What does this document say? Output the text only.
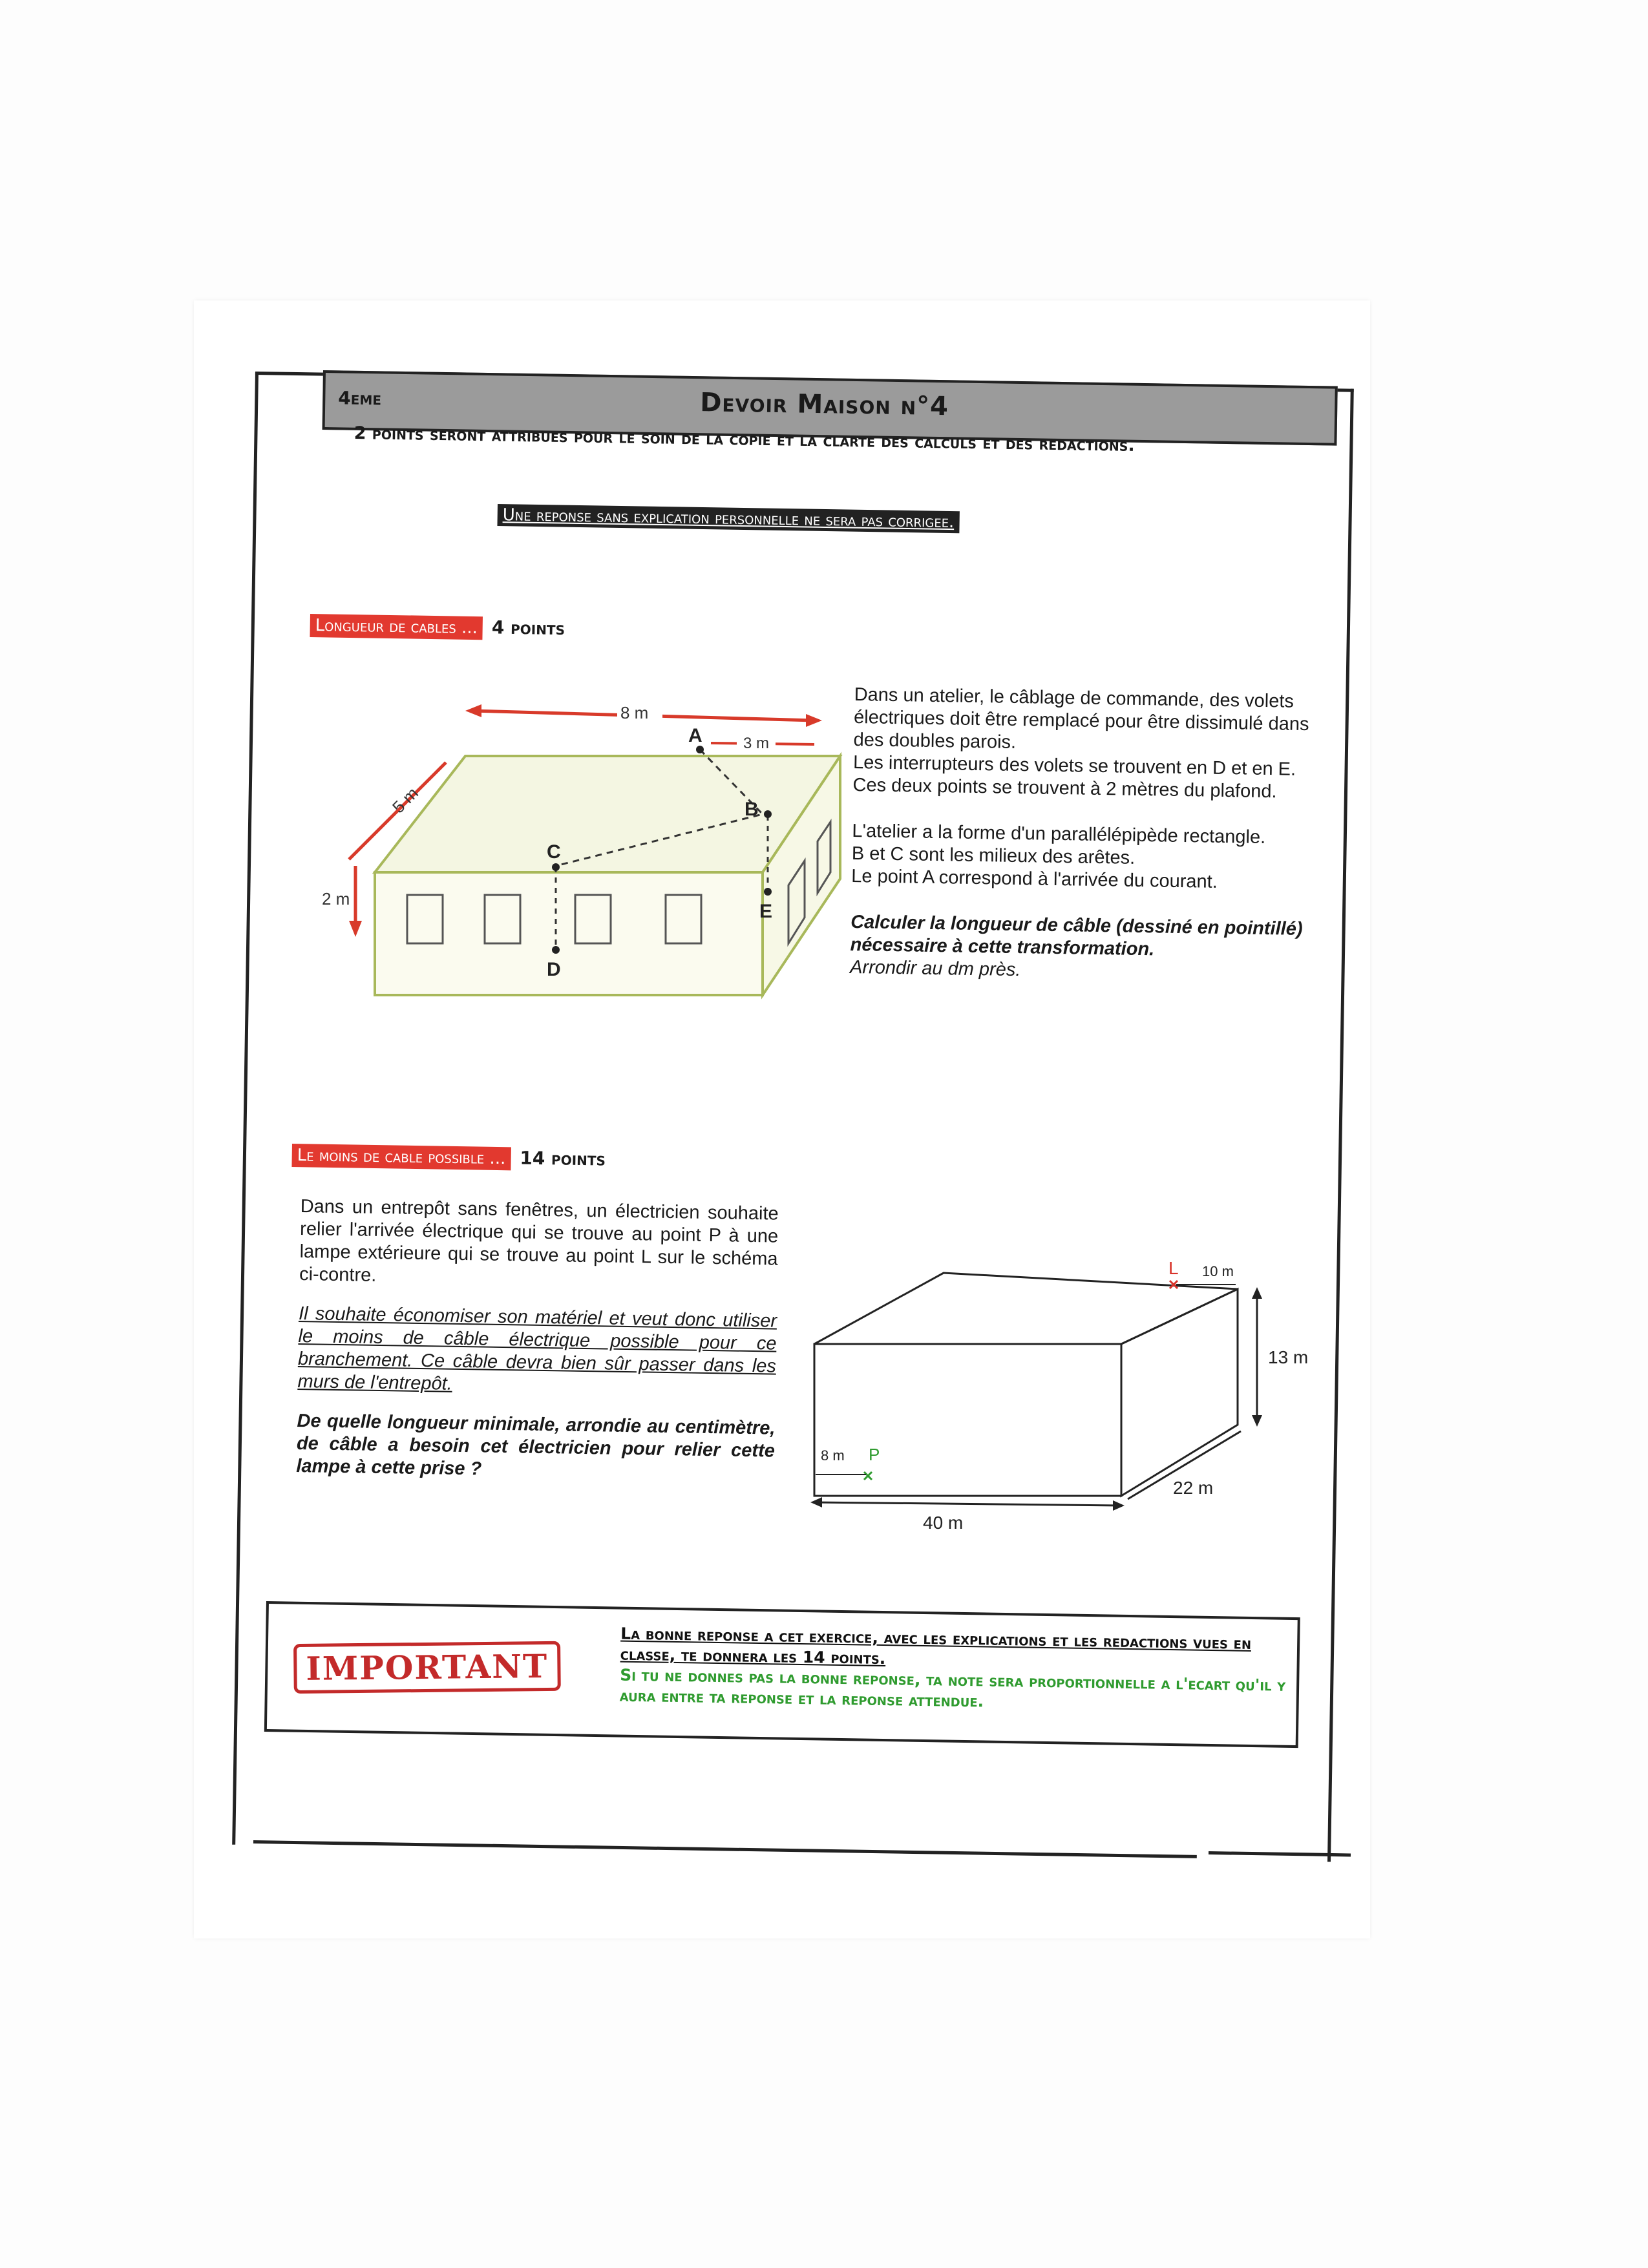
4eme	Devoir Maison n°4
2 points seront attribues pour le soin de la copie et la clarte des calculs et des redactions.
Une reponse sans explication personnelle ne sera pas corrigee.
Longueur de cables ... 4 points
8 m
3 m
5 m
2 m
A
B
C
D
E
Dans un atelier, le câblage de commande, des volets électriques doit être remplacé pour être dissimulé dans des doubles parois.
Les interrupteurs des volets se trouvent en D et en E. Ces deux points se trouvent à 2 mètres du plafond.
L'atelier a la forme d'un parallélépipède rectangle.
B et C sont les milieux des arêtes.
Le point A correspond à l'arrivée du courant.
Calculer la longueur de câble (dessiné en pointillé) nécessaire à cette transformation.
Arrondir au dm près.
Le moins de cable possible ... 14 points
Dans un entrepôt sans fenêtres, un électricien souhaite relier l'arrivée électrique qui se trouve au point P à une lampe extérieure qui se trouve au point L sur le schéma ci-contre.
Il souhaite économiser son matériel et veut donc utiliser le moins de câble électrique possible pour ce branchement. Ce câble devra bien sûr passer dans les murs de l'entrepôt.
De quelle longueur minimale, arrondie au centimètre, de câble a besoin cet électricien pour relier cette lampe à cette prise ?
L 10 m
13 m
P
8 m
40 m
22 m
IMPORTANT
La bonne reponse a cet exercice, avec les explications et les redactions vues en classe, te donnera les 14 points.
Si tu ne donnes pas la bonne reponse, ta note sera proportionnelle a l'ecart qu'il y aura entre ta reponse et la reponse attendue.
